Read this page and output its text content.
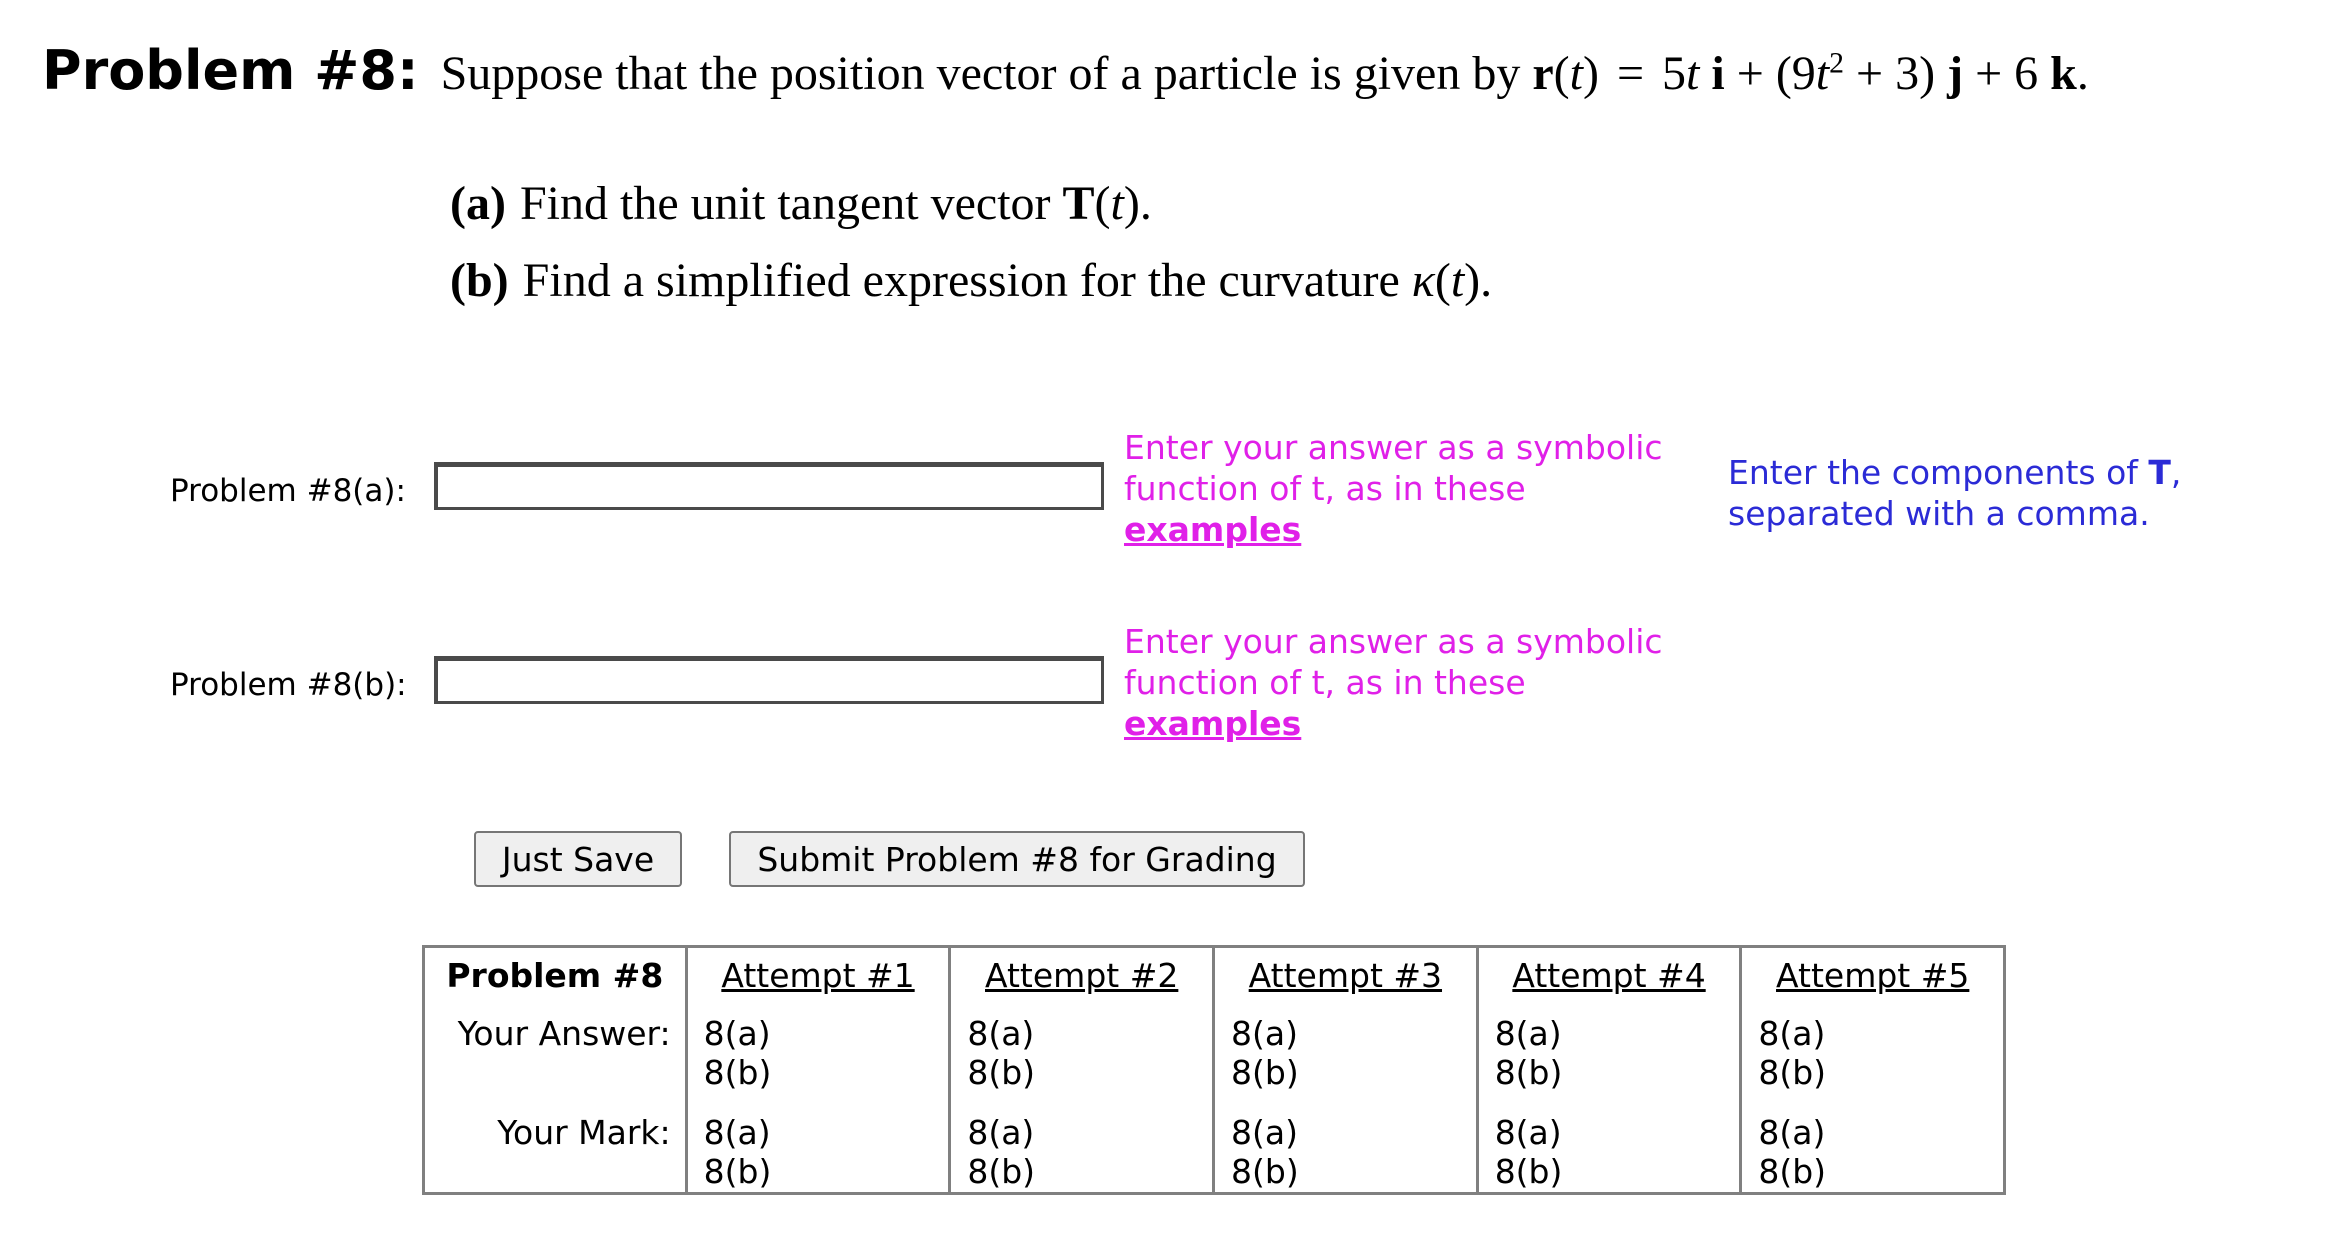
Problem #8: Suppose that the position vector of a particle is given by r(t) = 5t $i + (9t^2 + 3) j + 6$ k.
(a) Find the unit tangent vector T(t).
(b) Find a simplified expression for the curvature κ(t).
Problem #8(a):
Enter your answer as a symbolic
function of t, as in these
examples
Enter the components of T,
separated with a comma.
Problem #8(b):
Enter your answer as a symbolic
function of t, as in these
examples
Just Save	Submit Problem #8 for Grading
Problem #8
Your Answer:
Your Mark:
Attempt #1
8(a)
8(b)
8(a)
8(b)
Attempt #2
8(a)
8(b)
8(a)
8(b)
Attempt #3
8(a)
8(b)
8(a)
8(b)
Attempt #4
8(a)
8(b)
8(a)
8(b)
Attempt #5
8(a)
8(b)
8(a)
8(b)
